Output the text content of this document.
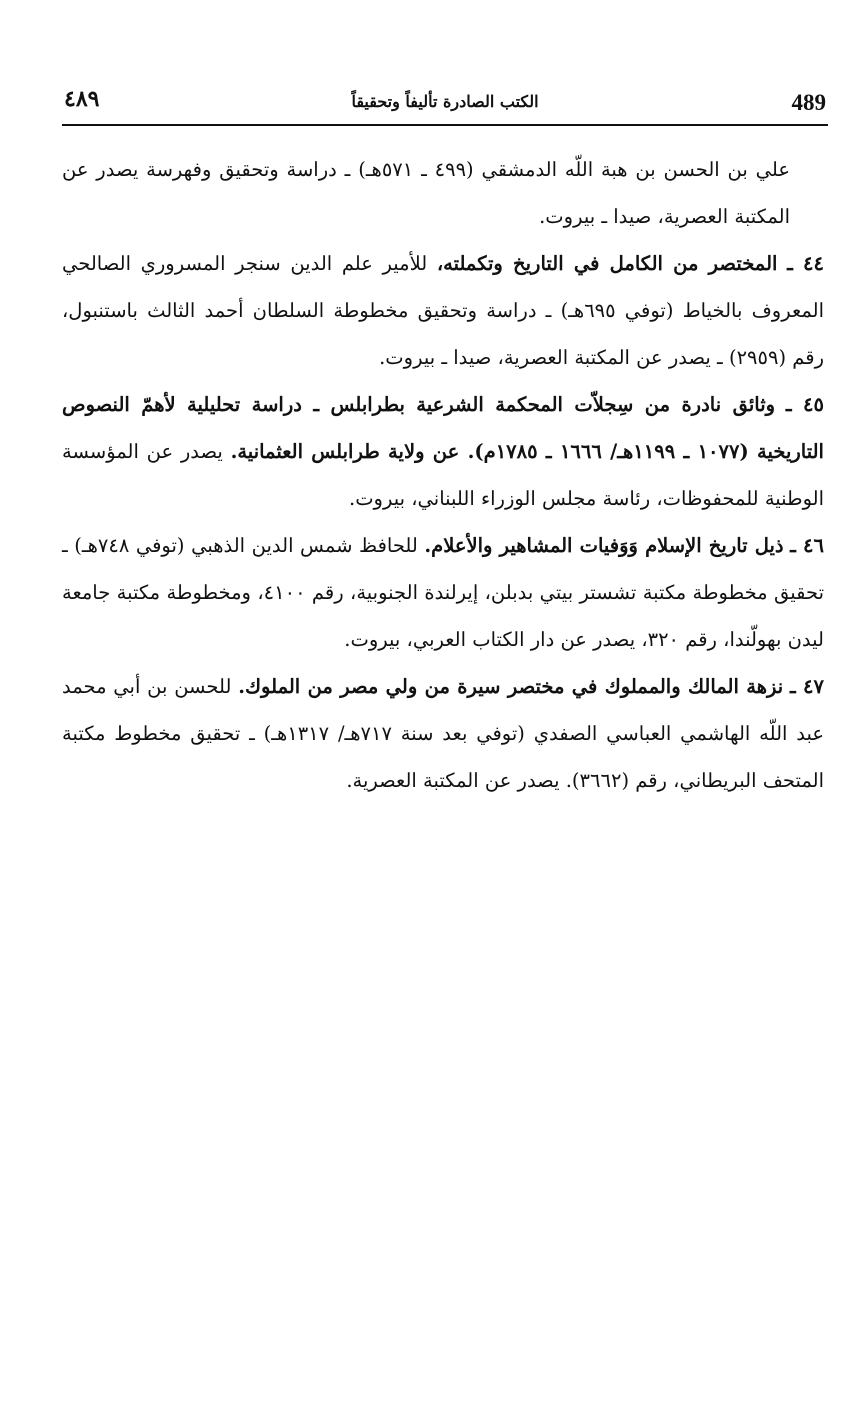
٤٨٩	الكتب الصادرة تأليفاً وتحقيقاً	489

علي بن الحسن بن هبة اللّه الدمشقي (٤٩٩ ـ ٥٧١هـ) ـ دراسة وتحقيق وفهرسة يصدر عن المكتبة العصرية، صيدا ـ بيروت.

٤٤ ـ المختصر من الكامل في التاريخ وتكملته، للأمير علم الدين سنجر المسروري الصالحي المعروف بالخياط (توفي ٦٩٥هـ) ـ دراسة وتحقيق مخطوطة السلطان أحمد الثالث باستنبول، رقم (٢٩٥٩) ـ يصدر عن المكتبة العصرية، صيدا ـ بيروت.

٤٥ ـ وثائق نادرة من سِجلاّت المحكمة الشرعية بطرابلس ـ دراسة تحليلية لأهمّ النصوص التاريخية (١٠٧٧ ـ ١١٩٩هـ/ ١٦٦٦ ـ ١٧٨٥م). عن ولاية طرابلس العثمانية. يصدر عن المؤسسة الوطنية للمحفوظات، رئاسة مجلس الوزراء اللبناني، بيروت.

٤٦ ـ ذيل تاريخ الإسلام وَوَفيات المشاهير والأعلام. للحافظ شمس الدين الذهبي (توفي ٧٤٨هـ) ـ تحقيق مخطوطة مكتبة تشستر بيتي بدبلن، إيرلندة الجنوبية، رقم ٤١٠٠، ومخطوطة مكتبة جامعة ليدن بهولّندا، رقم ٣٢٠، يصدر عن دار الكتاب العربي، بيروت.

٤٧ ـ نزهة المالك والمملوك في مختصر سيرة من ولي مصر من الملوك. للحسن بن أبي محمد عبد اللّه الهاشمي العباسي الصفدي (توفي بعد سنة ٧١٧هـ/ ١٣١٧هـ) ـ تحقيق مخطوط مكتبة المتحف البريطاني، رقم (٣٦٦٢). يصدر عن المكتبة العصرية.
